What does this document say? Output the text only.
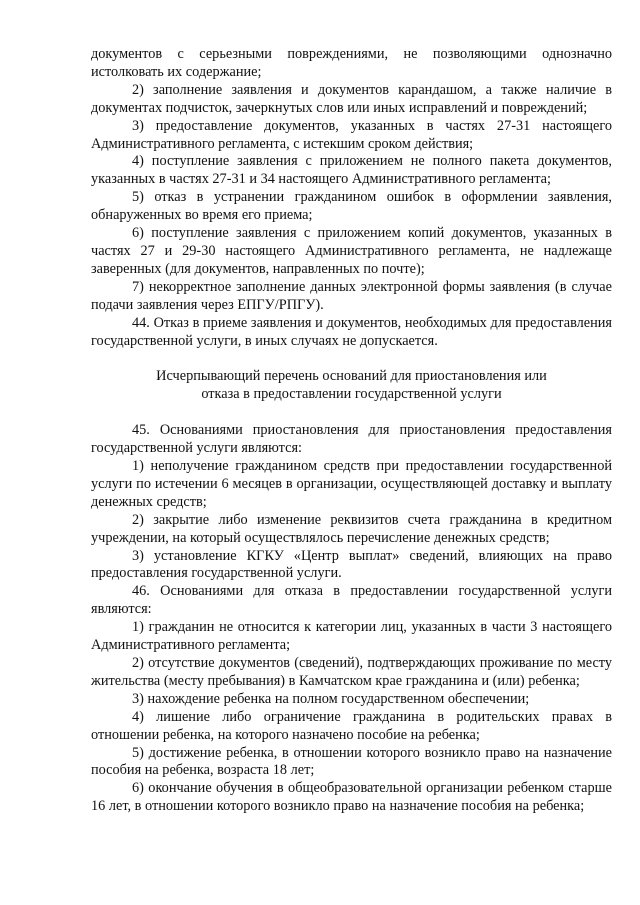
документов с серьезными повреждениями, не позволяющими однозначно истолковать их содержание;

2) заполнение заявления и документов карандашом, а также наличие в документах подчисток, зачеркнутых слов или иных исправлений и повреждений;

3) предоставление документов, указанных в частях 27-31 настоящего Административного регламента, с истекшим сроком действия;

4) поступление заявления с приложением не полного пакета документов, указанных в частях 27-31 и 34 настоящего Административного регламента;

5) отказ в устранении гражданином ошибок в оформлении заявления, обнаруженных во время его приема;

6) поступление заявления с приложением копий документов, указанных в частях 27 и 29-30 настоящего Административного регламента, не надлежаще заверенных (для документов, направленных по почте);

7) некорректное заполнение данных электронной формы заявления (в случае подачи заявления через ЕПГУ/РПГУ).

44. Отказ в приеме заявления и документов, необходимых для предоставления государственной услуги, в иных случаях не допускается.

Исчерпывающий перечень оснований для приостановления или
отказа в предоставлении государственной услуги

45. Основаниями приостановления для приостановления предоставления государственной услуги являются:

1) неполучение гражданином средств при предоставлении государственной услуги по истечении 6 месяцев в организации, осуществляющей доставку и выплату денежных средств;

2) закрытие либо изменение реквизитов счета гражданина в кредитном учреждении, на который осуществлялось перечисление денежных средств;

3) установление КГКУ «Центр выплат» сведений, влияющих на право предоставления государственной услуги.

46. Основаниями для отказа в предоставлении государственной услуги являются:

1) гражданин не относится к категории лиц, указанных в части 3 настоящего Административного регламента;

2) отсутствие документов (сведений), подтверждающих проживание по месту жительства (месту пребывания) в Камчатском крае гражданина и (или) ребенка;

3) нахождение ребенка на полном государственном обеспечении;

4) лишение либо ограничение гражданина в родительских правах в отношении ребенка, на которого назначено пособие на ребенка;

5) достижение ребенка, в отношении которого возникло право на назначение пособия на ребенка, возраста 18 лет;

6) окончание обучения в общеобразовательной организации ребенком старше 16 лет, в отношении которого возникло право на назначение пособия на ребенка;
